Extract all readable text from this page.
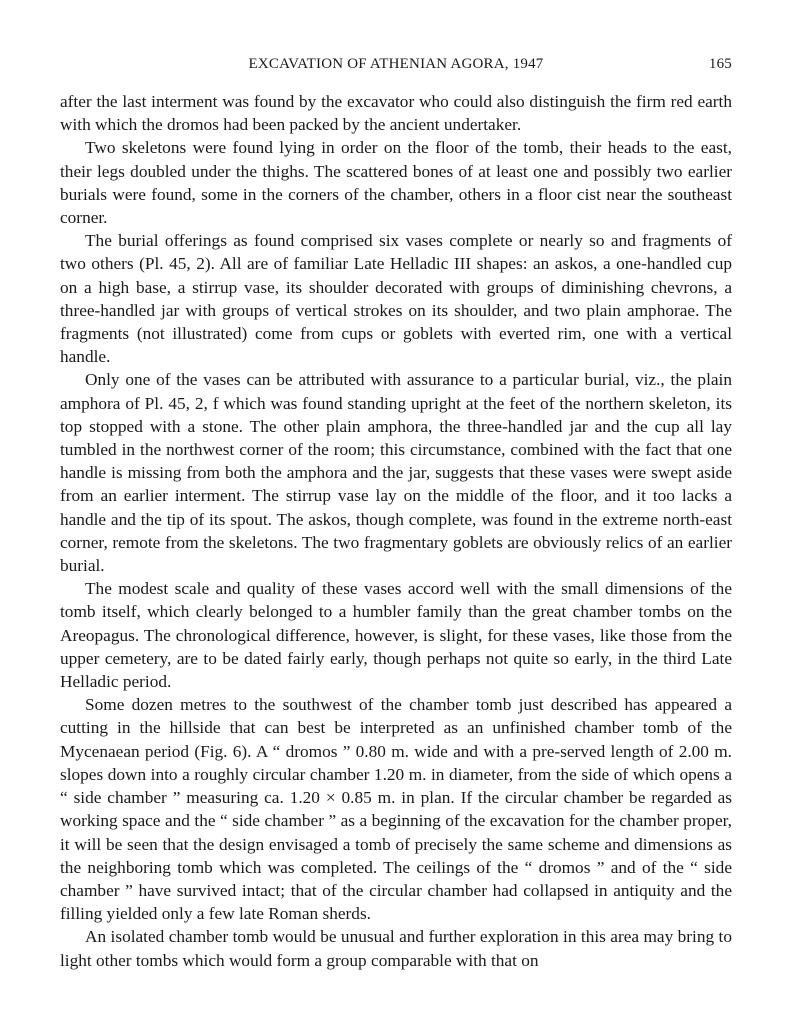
EXCAVATION OF ATHENIAN AGORA, 1947	165

after the last interment was found by the excavator who could also distinguish the firm red earth with which the dromos had been packed by the ancient undertaker.

Two skeletons were found lying in order on the floor of the tomb, their heads to the east, their legs doubled under the thighs. The scattered bones of at least one and possibly two earlier burials were found, some in the corners of the chamber, others in a floor cist near the southeast corner.

The burial offerings as found comprised six vases complete or nearly so and fragments of two others (Pl. 45, 2). All are of familiar Late Helladic III shapes: an askos, a one-handled cup on a high base, a stirrup vase, its shoulder decorated with groups of diminishing chevrons, a three-handled jar with groups of vertical strokes on its shoulder, and two plain amphorae. The fragments (not illustrated) come from cups or goblets with everted rim, one with a vertical handle.

Only one of the vases can be attributed with assurance to a particular burial, viz., the plain amphora of Pl. 45, 2, f which was found standing upright at the feet of the northern skeleton, its top stopped with a stone. The other plain amphora, the three-handled jar and the cup all lay tumbled in the northwest corner of the room; this circumstance, combined with the fact that one handle is missing from both the amphora and the jar, suggests that these vases were swept aside from an earlier interment. The stirrup vase lay on the middle of the floor, and it too lacks a handle and the tip of its spout. The askos, though complete, was found in the extreme north-east corner, remote from the skeletons. The two fragmentary goblets are obviously relics of an earlier burial.

The modest scale and quality of these vases accord well with the small dimensions of the tomb itself, which clearly belonged to a humbler family than the great chamber tombs on the Areopagus. The chronological difference, however, is slight, for these vases, like those from the upper cemetery, are to be dated fairly early, though perhaps not quite so early, in the third Late Helladic period.

Some dozen metres to the southwest of the chamber tomb just described has appeared a cutting in the hillside that can best be interpreted as an unfinished chamber tomb of the Mycenaean period (Fig. 6). A “ dromos ” 0.80 m. wide and with a pre-served length of 2.00 m. slopes down into a roughly circular chamber 1.20 m. in diameter, from the side of which opens a “ side chamber ” measuring ca. 1.20 × 0.85 m. in plan. If the circular chamber be regarded as working space and the “ side chamber ” as a beginning of the excavation for the chamber proper, it will be seen that the design envisaged a tomb of precisely the same scheme and dimensions as the neighboring tomb which was completed. The ceilings of the “ dromos ” and of the “ side chamber ” have survived intact; that of the circular chamber had collapsed in antiquity and the filling yielded only a few late Roman sherds.

An isolated chamber tomb would be unusual and further exploration in this area may bring to light other tombs which would form a group comparable with that on
